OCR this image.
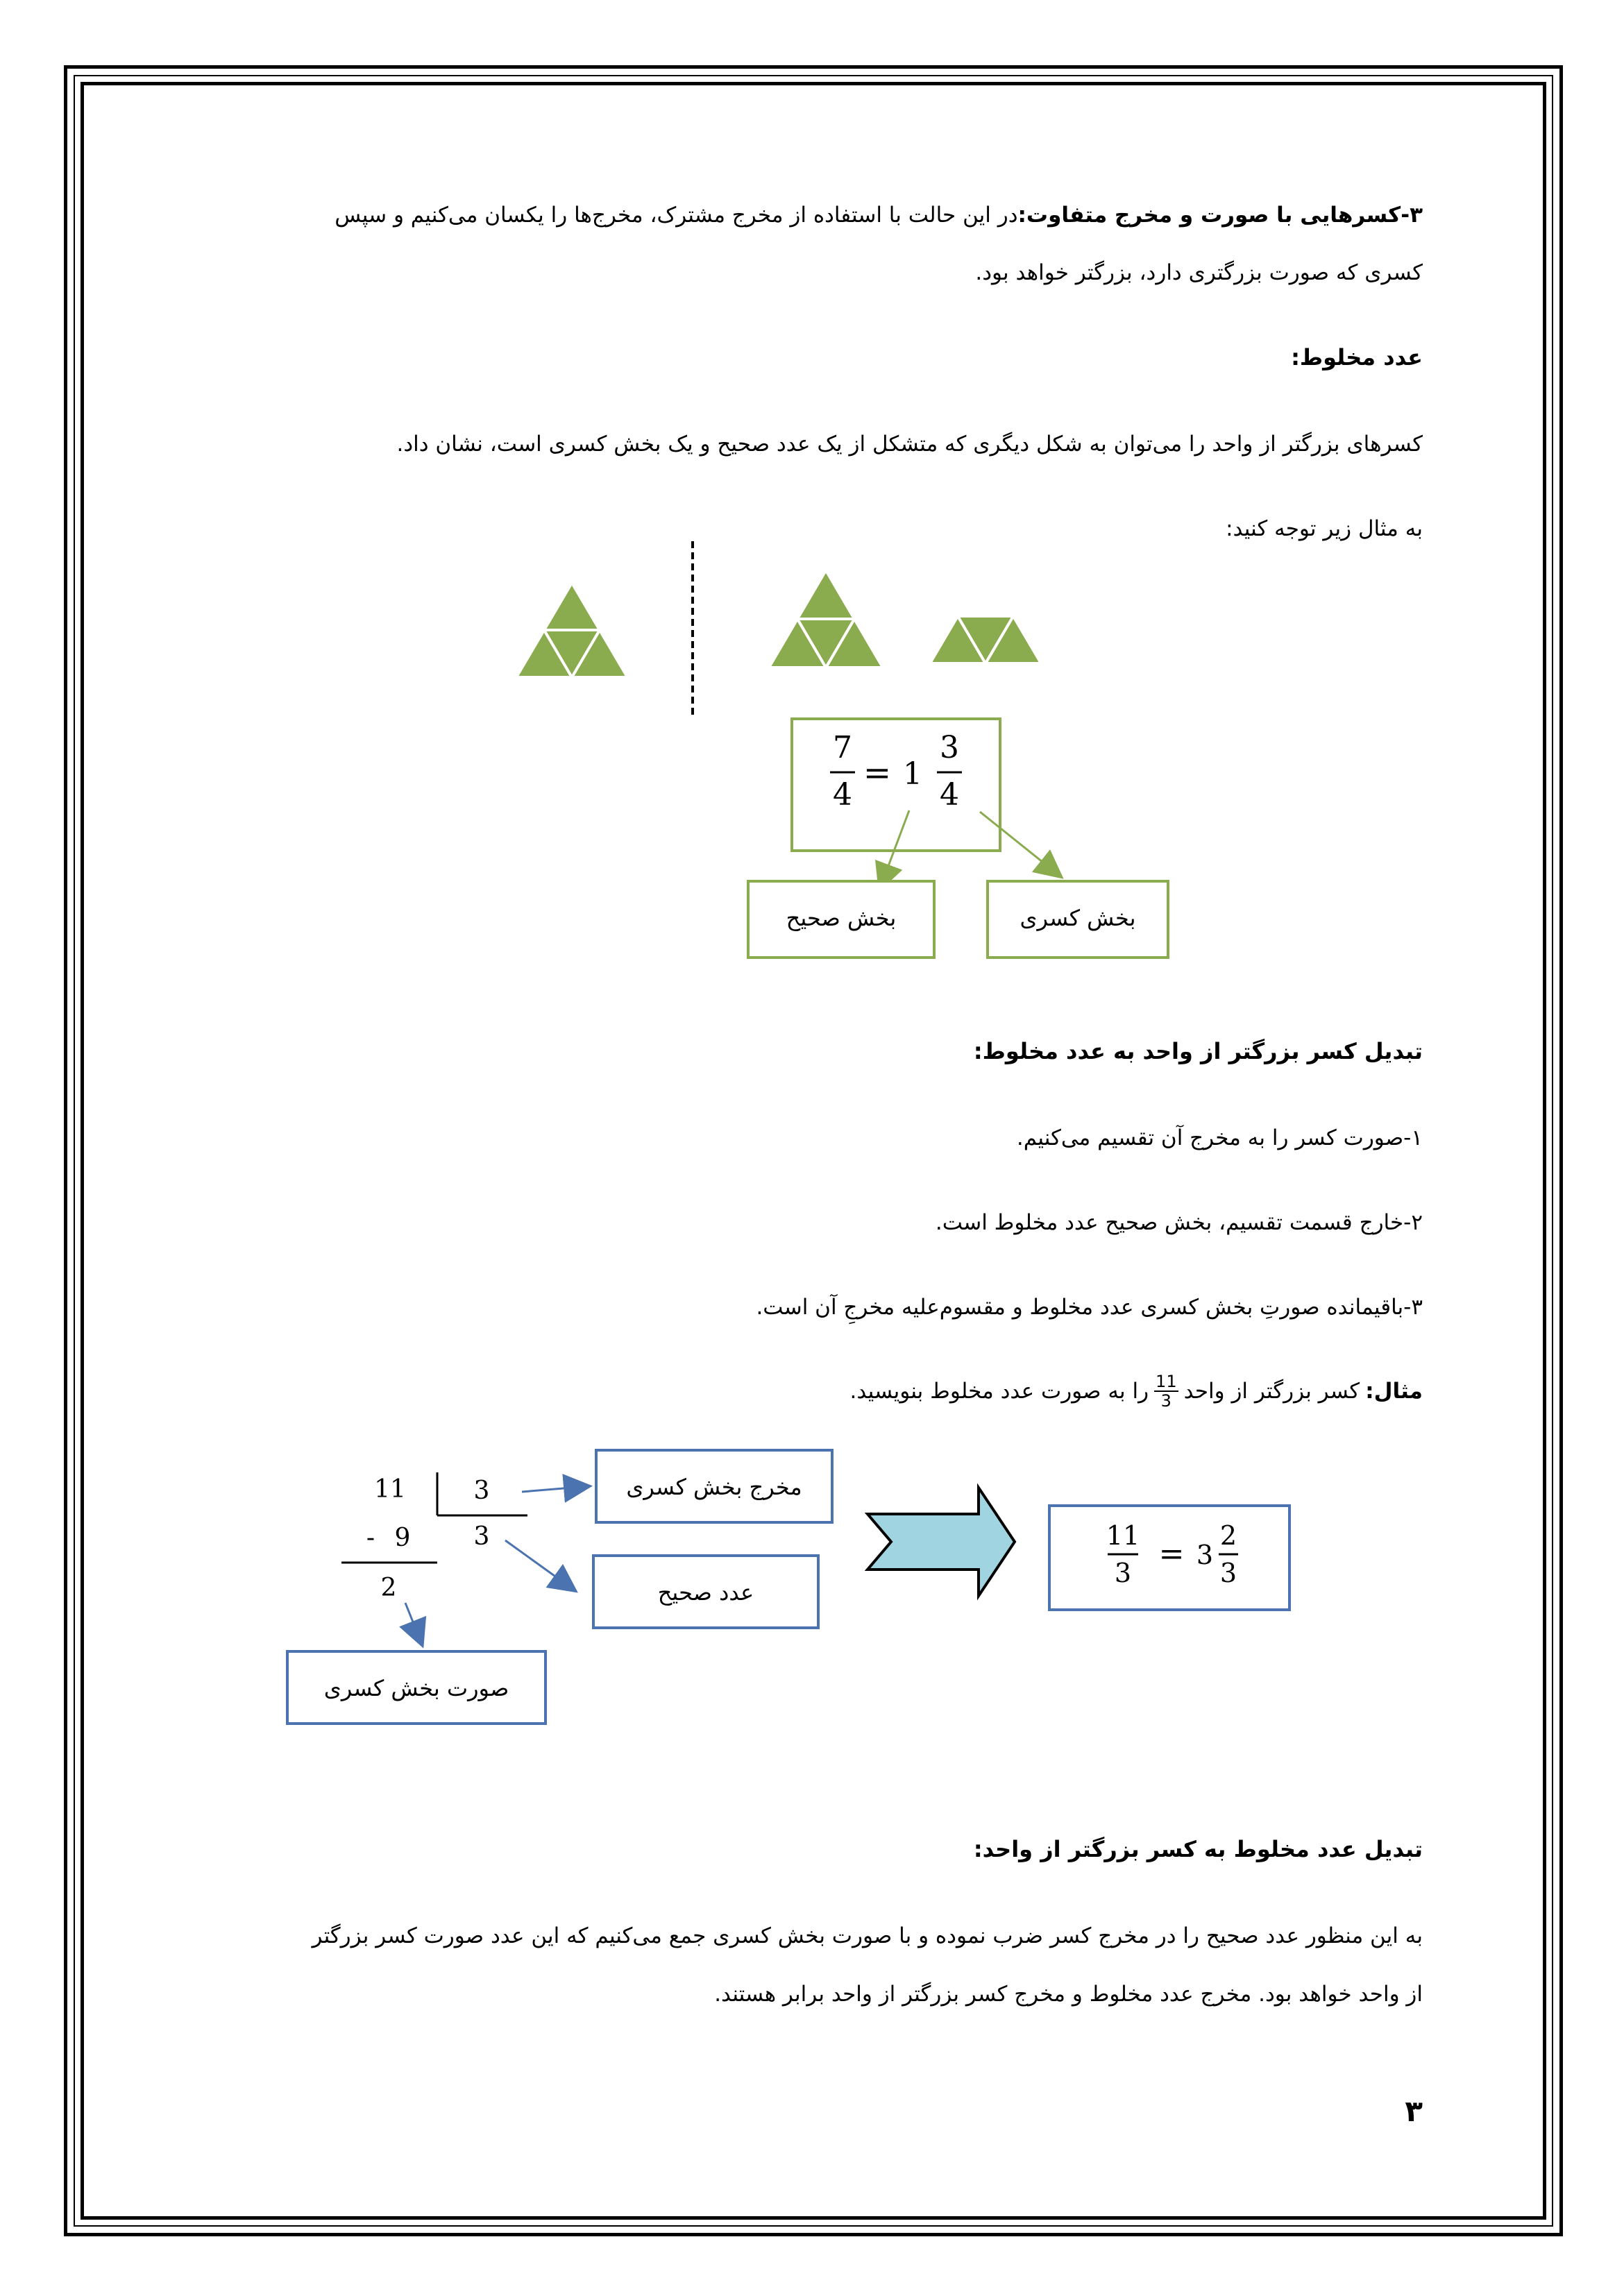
۳-کسرهایی با صورت و مخرج متفاوت:در این حالت با استفاده از مخرج مشترک، مخرج‌ها را یکسان می‌کنیم و سپس
کسری که صورت بزرگتری دارد، بزرگتر خواهد بود.
عدد مخلوط:
کسرهای بزرگتر از واحد را می‌توان به شکل دیگری که متشکل از یک عدد صحیح و یک بخش کسری است، نشان داد.
به مثال زیر توجه کنید:
7
4
= 1
3
4
بخش صحیح	بخش کسری
تبدیل کسر بزرگتر از واحد به عدد مخلوط:
۱-صورت کسر را به مخرج آن تقسیم می‌کنیم.
۲-خارج قسمت تقسیم، بخش صحیح عدد مخلوط است.
۳-باقیمانده صورتِ بخش کسری عدد مخلوط و مقسوم‌علیه مخرجِ آن است.
مثال:
کسر بزرگتر از واحد
$\frac{11}{3}$
را به صورت عدد مخلوط بنویسید.
11	3
3
- 9
2
مخرج بخش کسری
عدد صحیح
صورت بخش کسری
11
3
= 3
2
3
تبدیل عدد مخلوط به کسر بزرگتر از واحد:
به این منظور عدد صحیح را در مخرج کسر ضرب نموده و با صورت بخش کسری جمع می‌کنیم که این عدد صورت کسر بزرگتر
از واحد خواهد بود. مخرج عدد مخلوط و مخرج کسر بزرگتر از واحد برابر هستند.
۳
